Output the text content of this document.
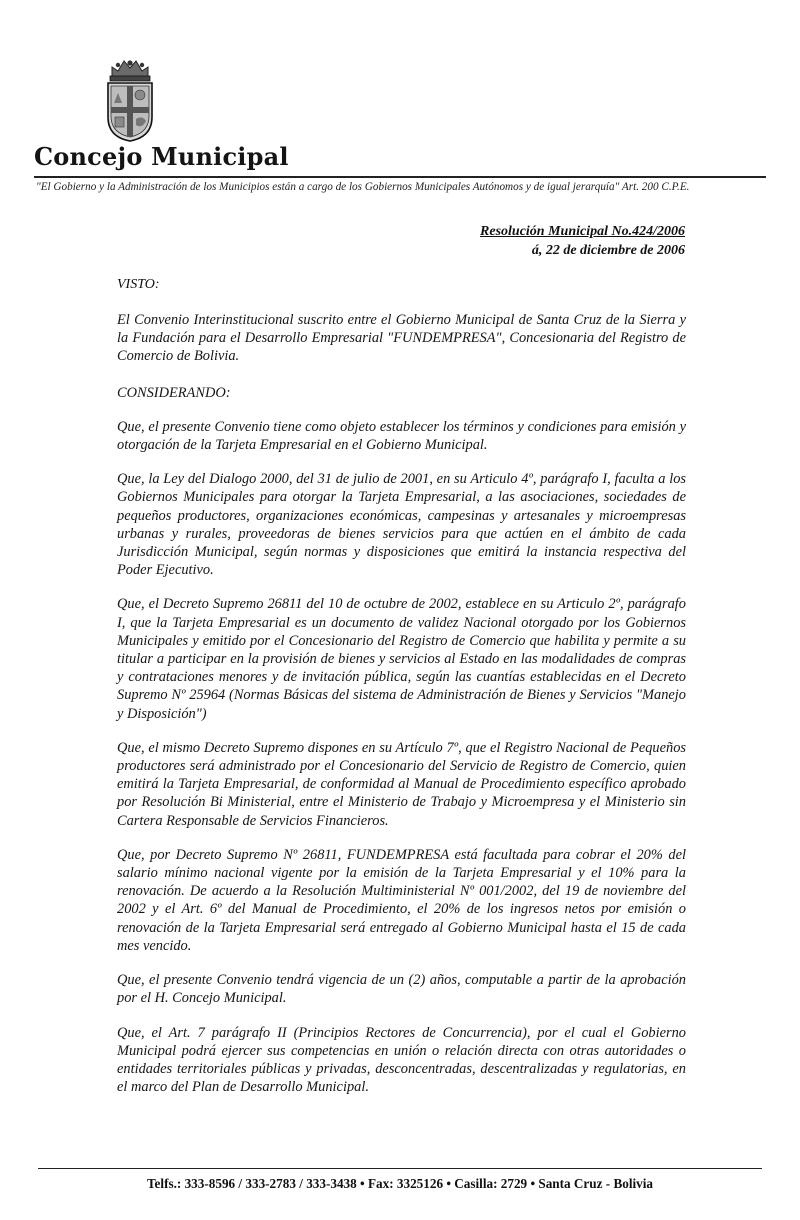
Concejo Municipal
"El Gobierno y la Administración de los Municipios están a cargo de los Gobiernos Municipales Autónomos y de igual jerarquía" Art. 200 C.P.E.
Resolución Municipal No.424/2006
á, 22 de diciembre de 2006
VISTO:

El Convenio Interinstitucional suscrito entre el Gobierno Municipal de Santa Cruz de la Sierra y la Fundación para el Desarrollo Empresarial "FUNDEMPRESA", Concesionaria del Registro de Comercio de Bolivia.

CONSIDERANDO:

Que, el presente Convenio tiene como objeto establecer los términos y condiciones para emisión y otorgación de la Tarjeta Empresarial en el Gobierno Municipal.

Que, la Ley del Dialogo 2000, del 31 de julio de 2001, en su Articulo 4º, parágrafo I, faculta a los Gobiernos Municipales para otorgar la Tarjeta Empresarial, a las asociaciones, sociedades de pequeños productores, organizaciones económicas, campesinas y artesanales y microempresas urbanas y rurales, proveedoras de bienes servicios para que actúen en el ámbito de cada Jurisdicción Municipal, según normas y disposiciones que emitirá la instancia respectiva del Poder Ejecutivo.

Que, el Decreto Supremo 26811 del 10 de octubre de 2002, establece en su Articulo 2º, parágrafo I, que la Tarjeta Empresarial es un documento de validez Nacional otorgado por los Gobiernos Municipales y emitido por el Concesionario del Registro de Comercio que habilita y permite a su titular a participar en la provisión de bienes y servicios al Estado en las modalidades de compras y contrataciones menores y de invitación pública, según las cuantías establecidas en el Decreto Supremo Nº 25964 (Normas Básicas del sistema de Administración de Bienes y Servicios "Manejo y Disposición")

Que, el mismo Decreto Supremo dispones en su Artículo 7º, que el Registro Nacional de Pequeños productores será administrado por el Concesionario del Servicio de Registro de Comercio, quien emitirá la Tarjeta Empresarial, de conformidad al Manual de Procedimiento específico aprobado por Resolución Bi Ministerial, entre el Ministerio de Trabajo y Microempresa y el Ministerio sin Cartera Responsable de Servicios Financieros.

Que, por Decreto Supremo Nº 26811, FUNDEMPRESA está facultada para cobrar el 20% del salario mínimo nacional vigente por la emisión de la Tarjeta Empresarial y el 10% para la renovación. De acuerdo a la Resolución Multiministerial Nº 001/2002, del 19 de noviembre del 2002 y el Art. 6º del Manual de Procedimiento, el 20% de los ingresos netos por emisión o renovación de la Tarjeta Empresarial será entregado al Gobierno Municipal hasta el 15 de cada mes vencido.

Que, el presente Convenio tendrá vigencia de un (2) años, computable a partir de la aprobación por el H. Concejo Municipal.

Que, el Art. 7 parágrafo II (Principios Rectores de Concurrencia), por el cual el Gobierno Municipal podrá ejercer sus competencias en unión o relación directa con otras autoridades o entidades territoriales públicas y privadas, desconcentradas, descentralizadas y regulatorias, en el marco del Plan de Desarrollo Municipal.

Telfs.: 333-8596 / 333-2783 / 333-3438 • Fax: 3325126 • Casilla: 2729 • Santa Cruz - Bolivia
